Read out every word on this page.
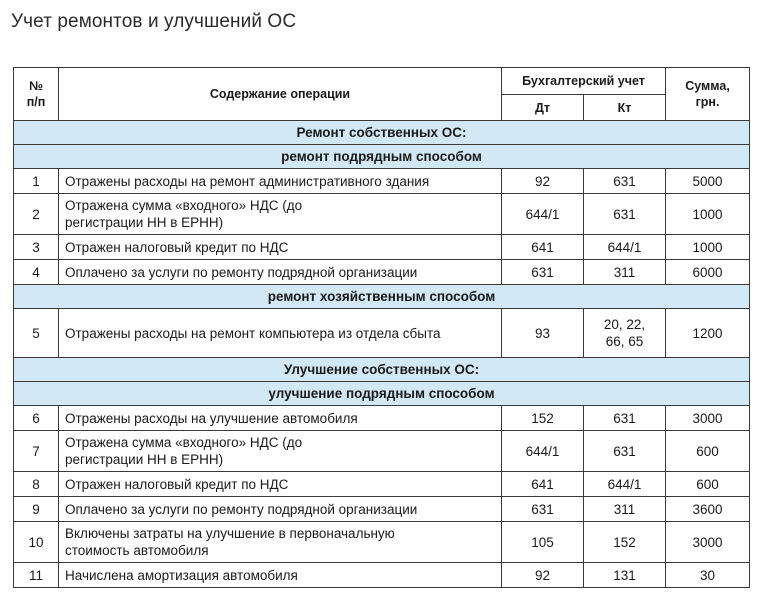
Учет ремонтов и улучшений ОС
№ п/п	Содержание операции	Бухгалтерский учет		Сумма, грн.
		Дт	Кт	
Ремонт собственных ОС:				
ремонт подрядным способом				
1	Отражены расходы на ремонт административного здания	92	631	5000
2	Отражена сумма «входного» НДС (до регистрации НН в ЕРНН)	644/1	631	1000
3	Отражен налоговый кредит по НДС	641	644/1	1000
4	Оплачено за услуги по ремонту подрядной организации	631	311	6000
ремонт хозяйственным способом				
5	Отражены расходы на ремонт компьютера из отдела сбыта	93	20, 22, 66, 65	1200
Улучшение собственных ОС:				
улучшение подрядным способом				
6	Отражены расходы на улучшение автомобиля	152	631	3000
7	Отражена сумма «входного» НДС (до регистрации НН в ЕРНН)	644/1	631	600
8	Отражен налоговый кредит по НДС	641	644/1	600
9	Оплачено за услуги по ремонту подрядной организации	631	311	3600
10	Включены затраты на улучшение в первоначальную стоимость автомобиля	105	152	3000
11	Начислена амортизация автомобиля	92	131	30
